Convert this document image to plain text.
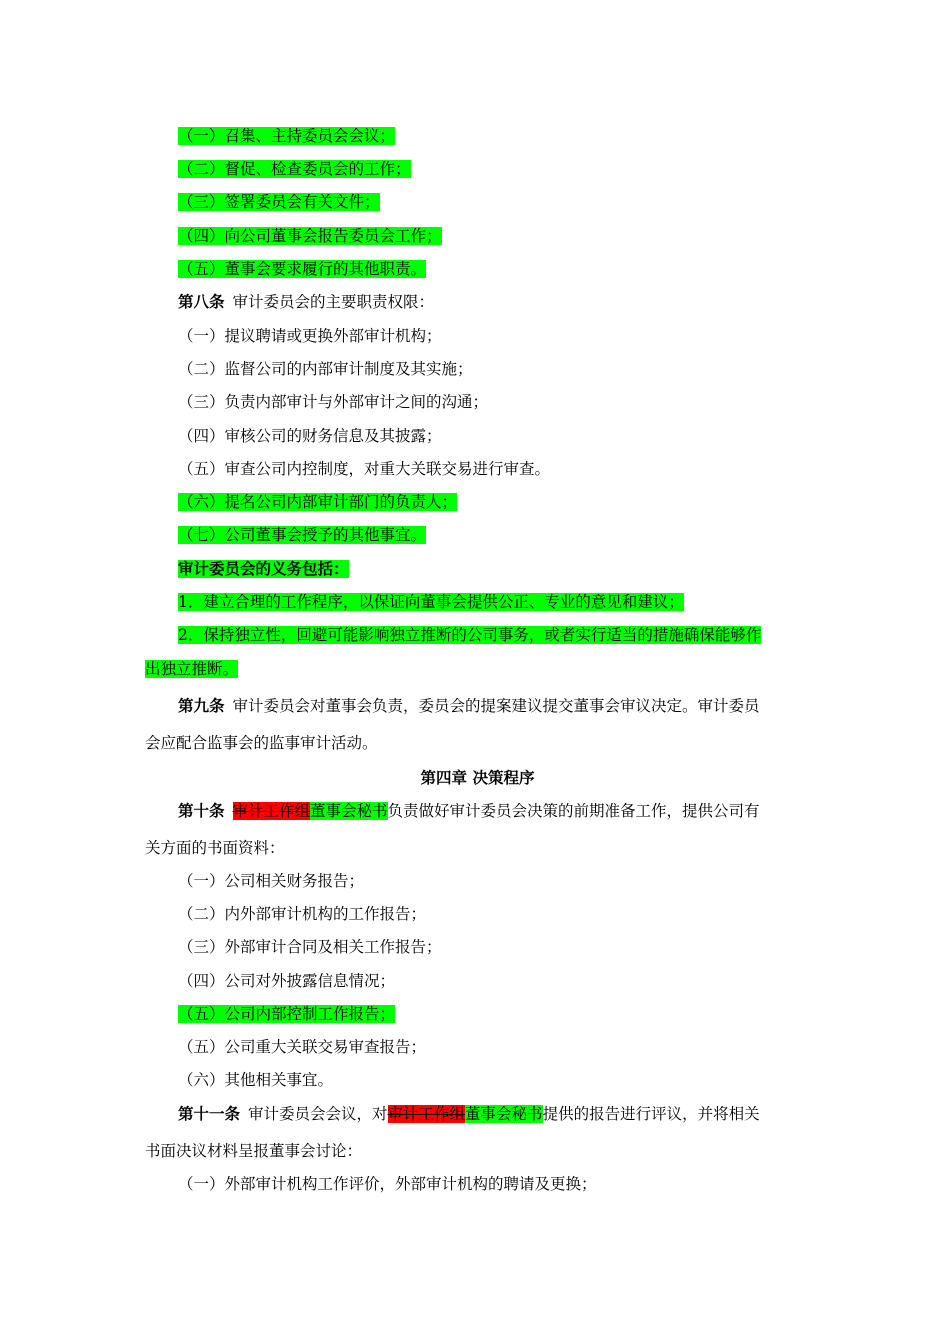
（一）召集、主持委员会会议；
（二）督促、检查委员会的工作；
（三）签署委员会有关文件；
（四）向公司董事会报告委员会工作；
（五）董事会要求履行的其他职责。
第八条 审计委员会的主要职责权限：
（一）提议聘请或更换外部审计机构；
（二）监督公司的内部审计制度及其实施；
（三）负责内部审计与外部审计之间的沟通；
（四）审核公司的财务信息及其披露；
（五）审查公司内控制度，对重大关联交易进行审查。
（六）提名公司内部审计部门的负责人；
（七）公司董事会授予的其他事宜。
审计委员会的义务包括：
1．建立合理的工作程序，以保证向董事会提供公正、专业的意见和建议；
2．保持独立性，回避可能影响独立推断的公司事务，或者实行适当的措施确保能够作
出独立推断。
第九条 审计委员会对董事会负责，委员会的提案建议提交董事会审议决定。审计委员
会应配合监事会的监事审计活动。
第四章 决策程序
第十条 审计工作组董事会秘书负责做好审计委员会决策的前期准备工作，提供公司有
关方面的书面资料：
（一）公司相关财务报告；
（二）内外部审计机构的工作报告；
（三）外部审计合同及相关工作报告；
（四）公司对外披露信息情况；
（五）公司内部控制工作报告；
（五）公司重大关联交易审查报告；
（六）其他相关事宜。
第十一条 审计委员会会议，对审计工作组董事会秘书提供的报告进行评议，并将相关
书面决议材料呈报董事会讨论：
（一）外部审计机构工作评价，外部审计机构的聘请及更换；
